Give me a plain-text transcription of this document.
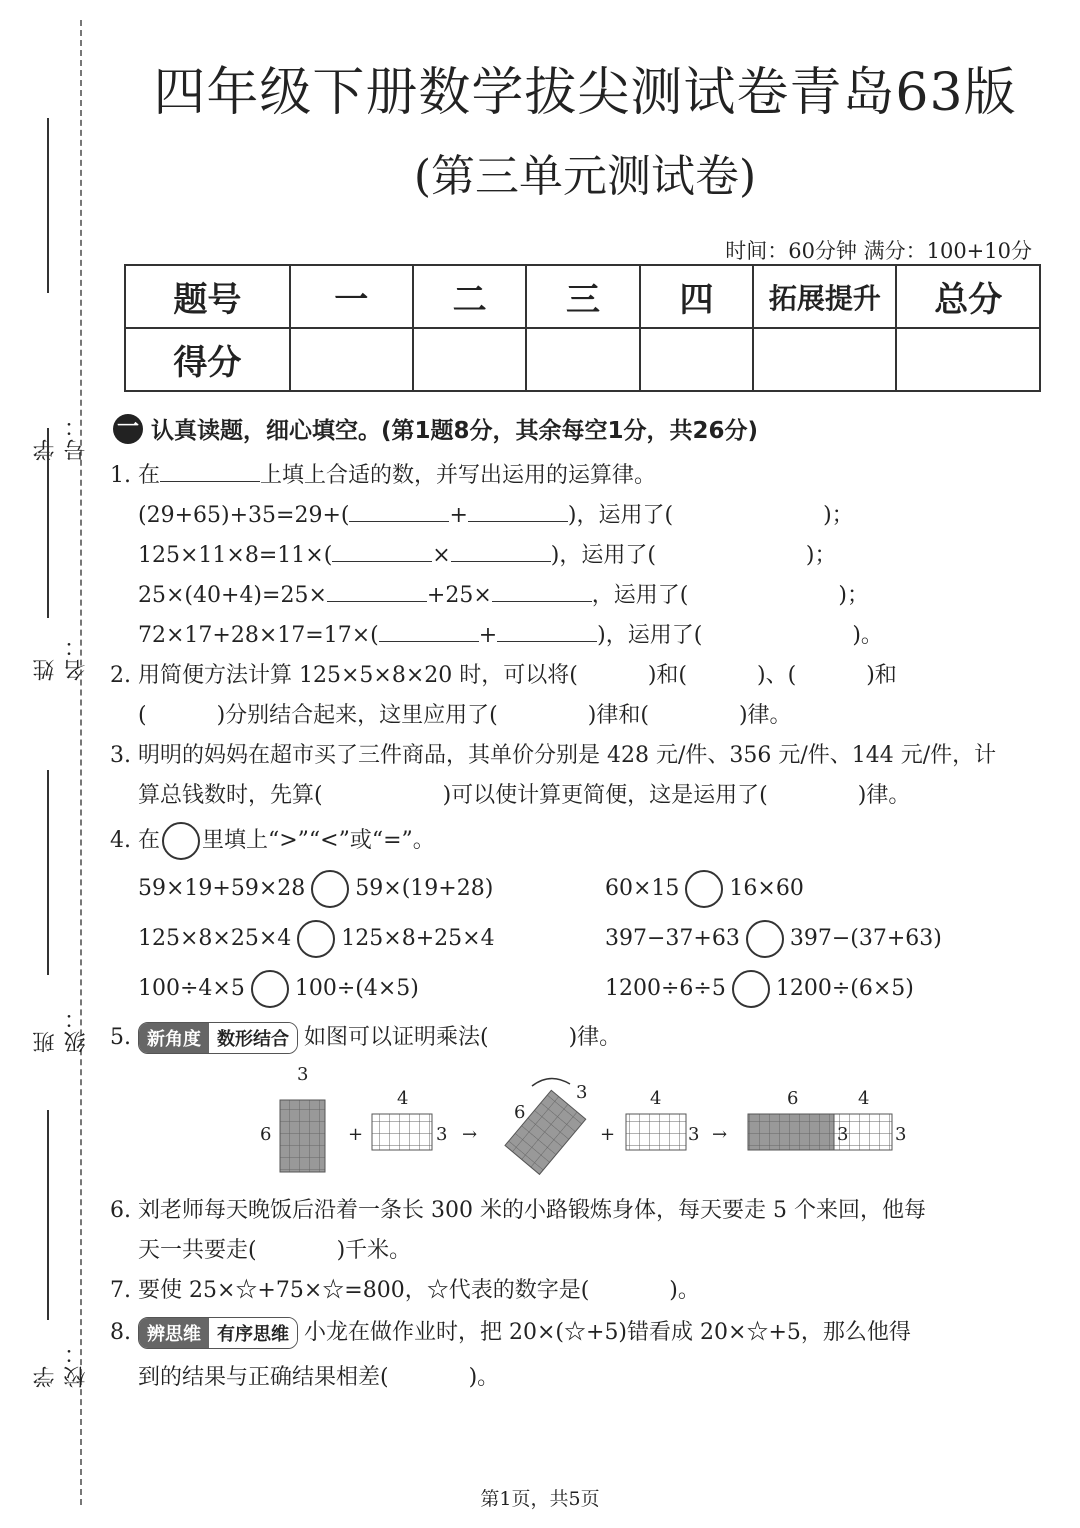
学号：
姓名：
班级：
学校：
四年级下册数学拔尖测试卷青岛63版
(第三单元测试卷)
时间：60分钟 满分：100+10分
题号	一	二	三	四	拓展提升	总分
得分						
一 认真读题，细心填空。(第1题8分，其余每空1分，共26分)
1. 在	上填上合适的数，并写出运用的运算律。
(29+65)+35=29+(	+	)，运用了(	)；
125×11×8=11×(	×	)，运用了(	)；
25×(40+4)=25×	+25×	，运用了(	)；
72×17+28×17=17×(	+	)，运用了(	)。
2. 用简便方法计算 125×5×8×20 时，可以将(	)和(	)、(	)和
(	)分别结合起来，这里应用了(	)律和(	)律。
3. 明明的妈妈在超市买了三件商品，其单价分别是 428 元/件、356 元/件、144 元/件，计
算总钱数时，先算(	)可以使计算更简便，这是运用了(	)律。
4. 在 里填上“>”“<”或“=”。
59×19+59×28 59×(19+28)	60×15 16×60
125×8×25×4 125×8+25×4	397−37+63 397−(37+63)
100÷4×5 100÷(4×5)	1200÷6÷5 1200÷(6×5)
5. 新角度 数形结合 如图可以证明乘法(	)律。
3
6	+
4
3 →
6
3
+
4
3 →
6	4
3	3
6. 刘老师每天晚饭后沿着一条长 300 米的小路锻炼身体，每天要走 5 个来回，他每
天一共要走(	)千米。
7. 要使 25×☆+75×☆=800，☆代表的数字是(	)。
8. 辨思维 有序思维 小龙在做作业时，把 20×(☆+5)错看成 20×☆+5，那么他得
到的结果与正确结果相差(	)。
第1页，共5页
